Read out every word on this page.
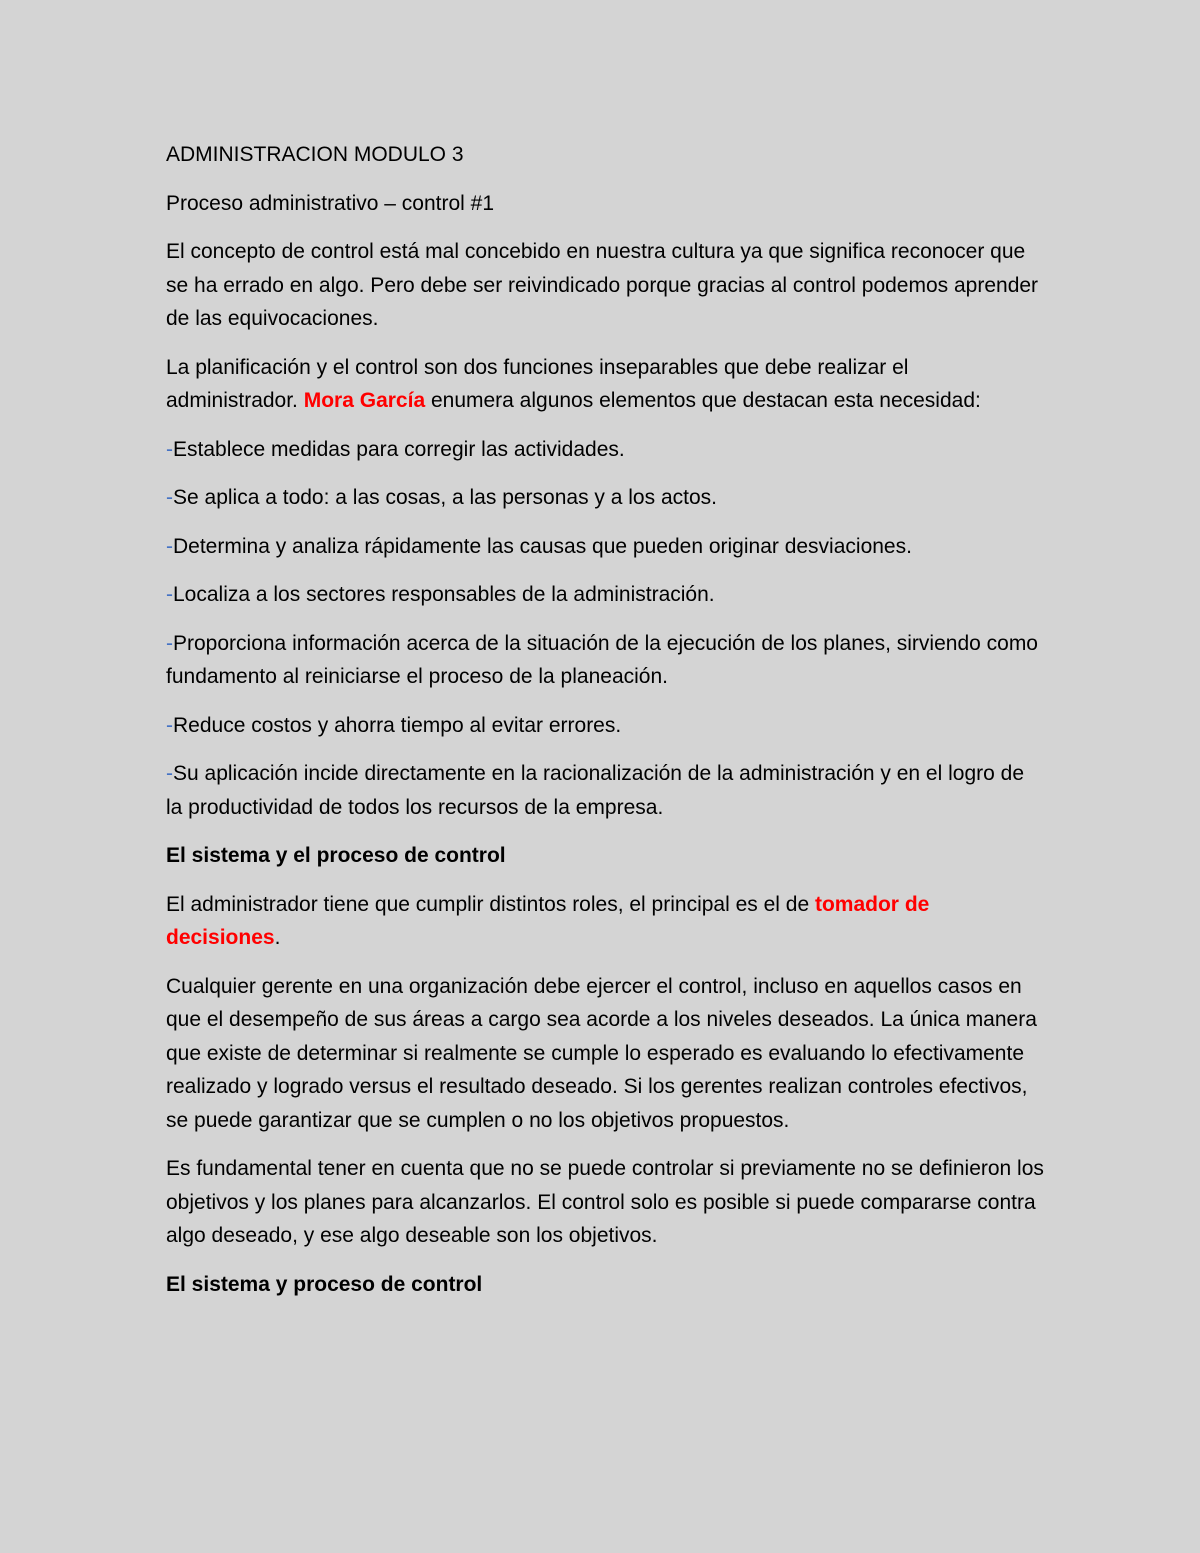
ADMINISTRACION MODULO 3

Proceso administrativo – control #1

El concepto de control está mal concebido en nuestra cultura ya que significa reconocer que se ha errado en algo. Pero debe ser reivindicado porque gracias al control podemos aprender de las equivocaciones.

La planificación y el control son dos funciones inseparables que debe realizar el administrador. Mora García enumera algunos elementos que destacan esta necesidad:

-Establece medidas para corregir las actividades.

-Se aplica a todo: a las cosas, a las personas y a los actos.

-Determina y analiza rápidamente las causas que pueden originar desviaciones.

-Localiza a los sectores responsables de la administración.

-Proporciona información acerca de la situación de la ejecución de los planes, sirviendo como fundamento al reiniciarse el proceso de la planeación.

-Reduce costos y ahorra tiempo al evitar errores.

-Su aplicación incide directamente en la racionalización de la administración y en el logro de la productividad de todos los recursos de la empresa.

El sistema y el proceso de control

El administrador tiene que cumplir distintos roles, el principal es el de tomador de decisiones.

Cualquier gerente en una organización debe ejercer el control, incluso en aquellos casos en que el desempeño de sus áreas a cargo sea acorde a los niveles deseados. La única manera que existe de determinar si realmente se cumple lo esperado es evaluando lo efectivamente realizado y logrado versus el resultado deseado. Si los gerentes realizan controles efectivos, se puede garantizar que se cumplen o no los objetivos propuestos.

Es fundamental tener en cuenta que no se puede controlar si previamente no se definieron los objetivos y los planes para alcanzarlos. El control solo es posible si puede compararse contra algo deseado, y ese algo deseable son los objetivos.

El sistema y proceso de control
